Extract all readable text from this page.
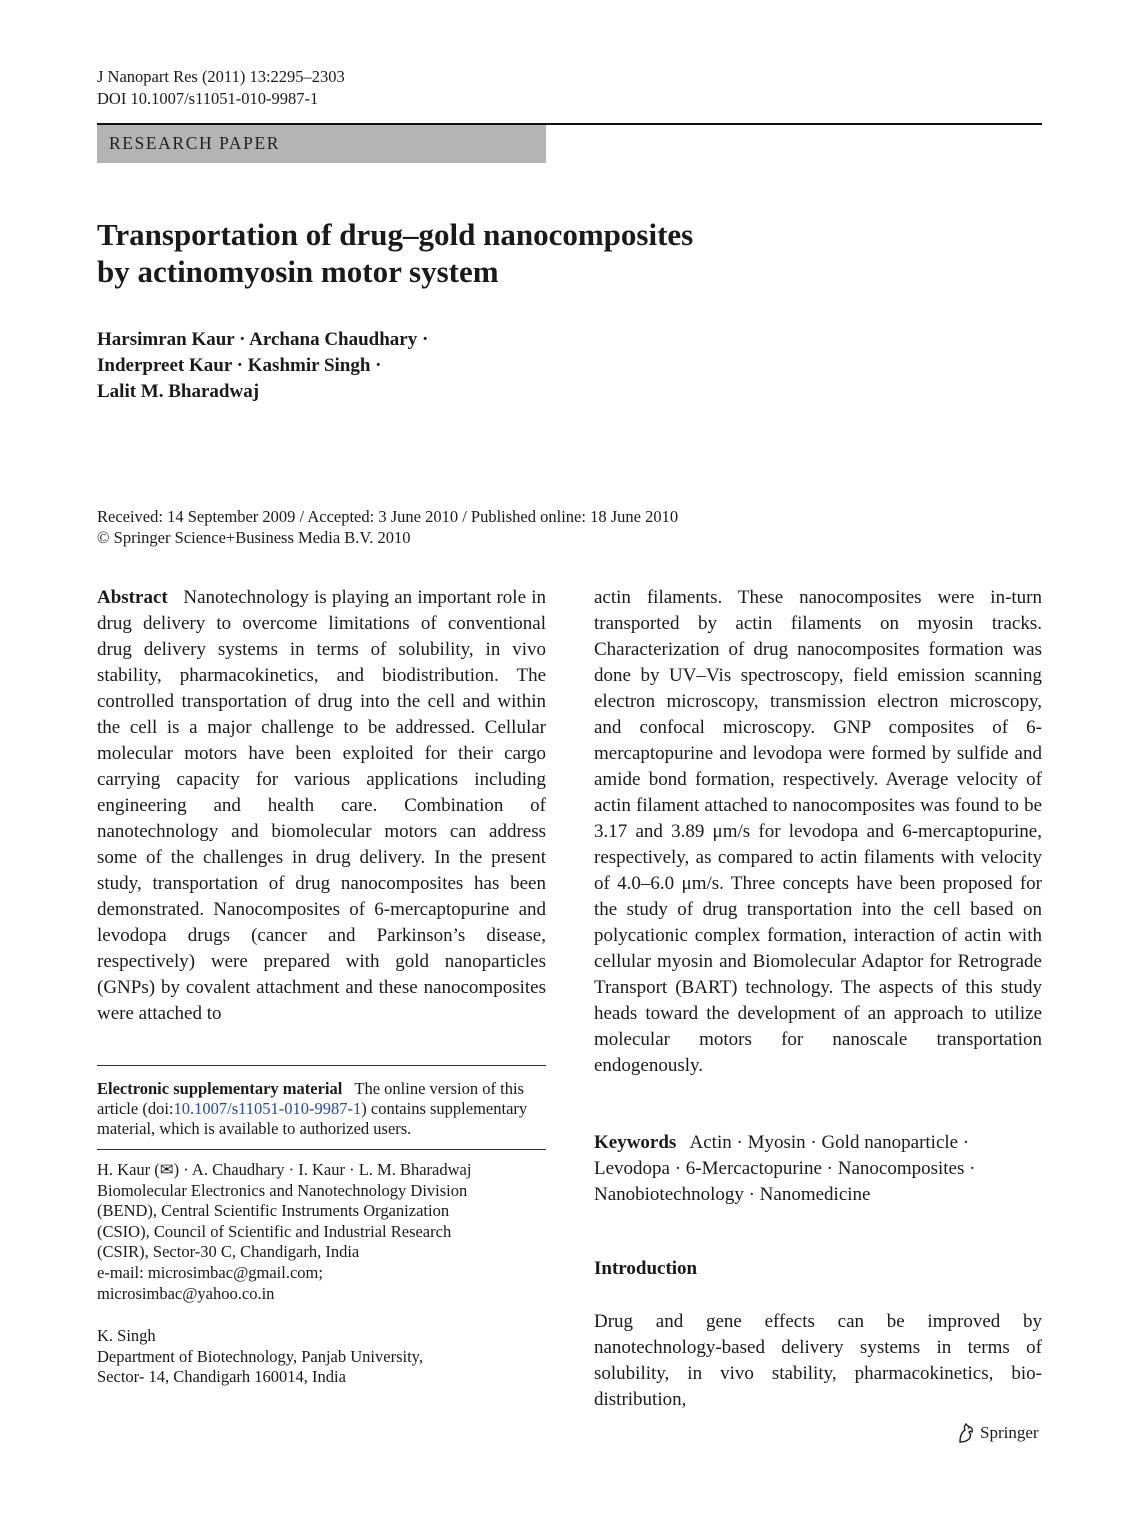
J Nanopart Res (2011) 13:2295–2303
DOI 10.1007/s11051-010-9987-1
RESEARCH PAPER
Transportation of drug–gold nanocomposites
by actinomyosin motor system
Harsimran Kaur · Archana Chaudhary ·
Inderpreet Kaur · Kashmir Singh ·
Lalit M. Bharadwaj
Received: 14 September 2009 / Accepted: 3 June 2010 / Published online: 18 June 2010
© Springer Science+Business Media B.V. 2010

Abstract Nanotechnology is playing an important role in drug delivery to overcome limitations of conventional drug delivery systems in terms of solubility, in vivo stability, pharmacokinetics, and biodistribution. The controlled transportation of drug into the cell and within the cell is a major challenge to be addressed. Cellular molecular motors have been exploited for their cargo carrying capacity for various applications including engineering and health care. Combination of nanotechnology and biomolecular motors can address some of the challenges in drug delivery. In the present study, transportation of drug nanocomposites has been demonstrated. Nanocomposites of 6-mercaptopurine and levodopa drugs (cancer and Parkinson’s disease, respectively) were prepared with gold nanoparticles (GNPs) by covalent attachment and these nanocomposites were attached to

actin filaments. These nanocomposites were in-turn transported by actin filaments on myosin tracks. Characterization of drug nanocomposites formation was done by UV–Vis spectroscopy, field emission scanning electron microscopy, transmission electron microscopy, and confocal microscopy. GNP composites of 6-mercaptopurine and levodopa were formed by sulfide and amide bond formation, respectively. Average velocity of actin filament attached to nanocomposites was found to be 3.17 and 3.89 μm/s for levodopa and 6-mercaptopurine, respectively, as compared to actin filaments with velocity of 4.0–6.0 μm/s. Three concepts have been proposed for the study of drug transportation into the cell based on polycationic complex formation, interaction of actin with cellular myosin and Biomolecular Adaptor for Retrograde Transport (BART) technology. The aspects of this study heads toward the development of an approach to utilize molecular motors for nanoscale transportation endogenously.

Electronic supplementary material The online version of this article (doi:10.1007/s11051-010-9987-1) contains supplementary material, which is available to authorized users.
H. Kaur (✉) · A. Chaudhary · I. Kaur · L. M. Bharadwaj
Biomolecular Electronics and Nanotechnology Division
(BEND), Central Scientific Instruments Organization
(CSIO), Council of Scientific and Industrial Research
(CSIR), Sector-30 C, Chandigarh, India
e-mail: microsimbac@gmail.com;
microsimbac@yahoo.co.in
K. Singh
Department of Biotechnology, Panjab University,
Sector- 14, Chandigarh 160014, India
Keywords Actin · Myosin · Gold nanoparticle · Levodopa · 6-Mercactopurine · Nanocomposites · Nanobiotechnology · Nanomedicine
Introduction

Drug and gene effects can be improved by nanotechnology-based delivery systems in terms of solubility, in vivo stability, pharmacokinetics, bio-distribution,

Springer
